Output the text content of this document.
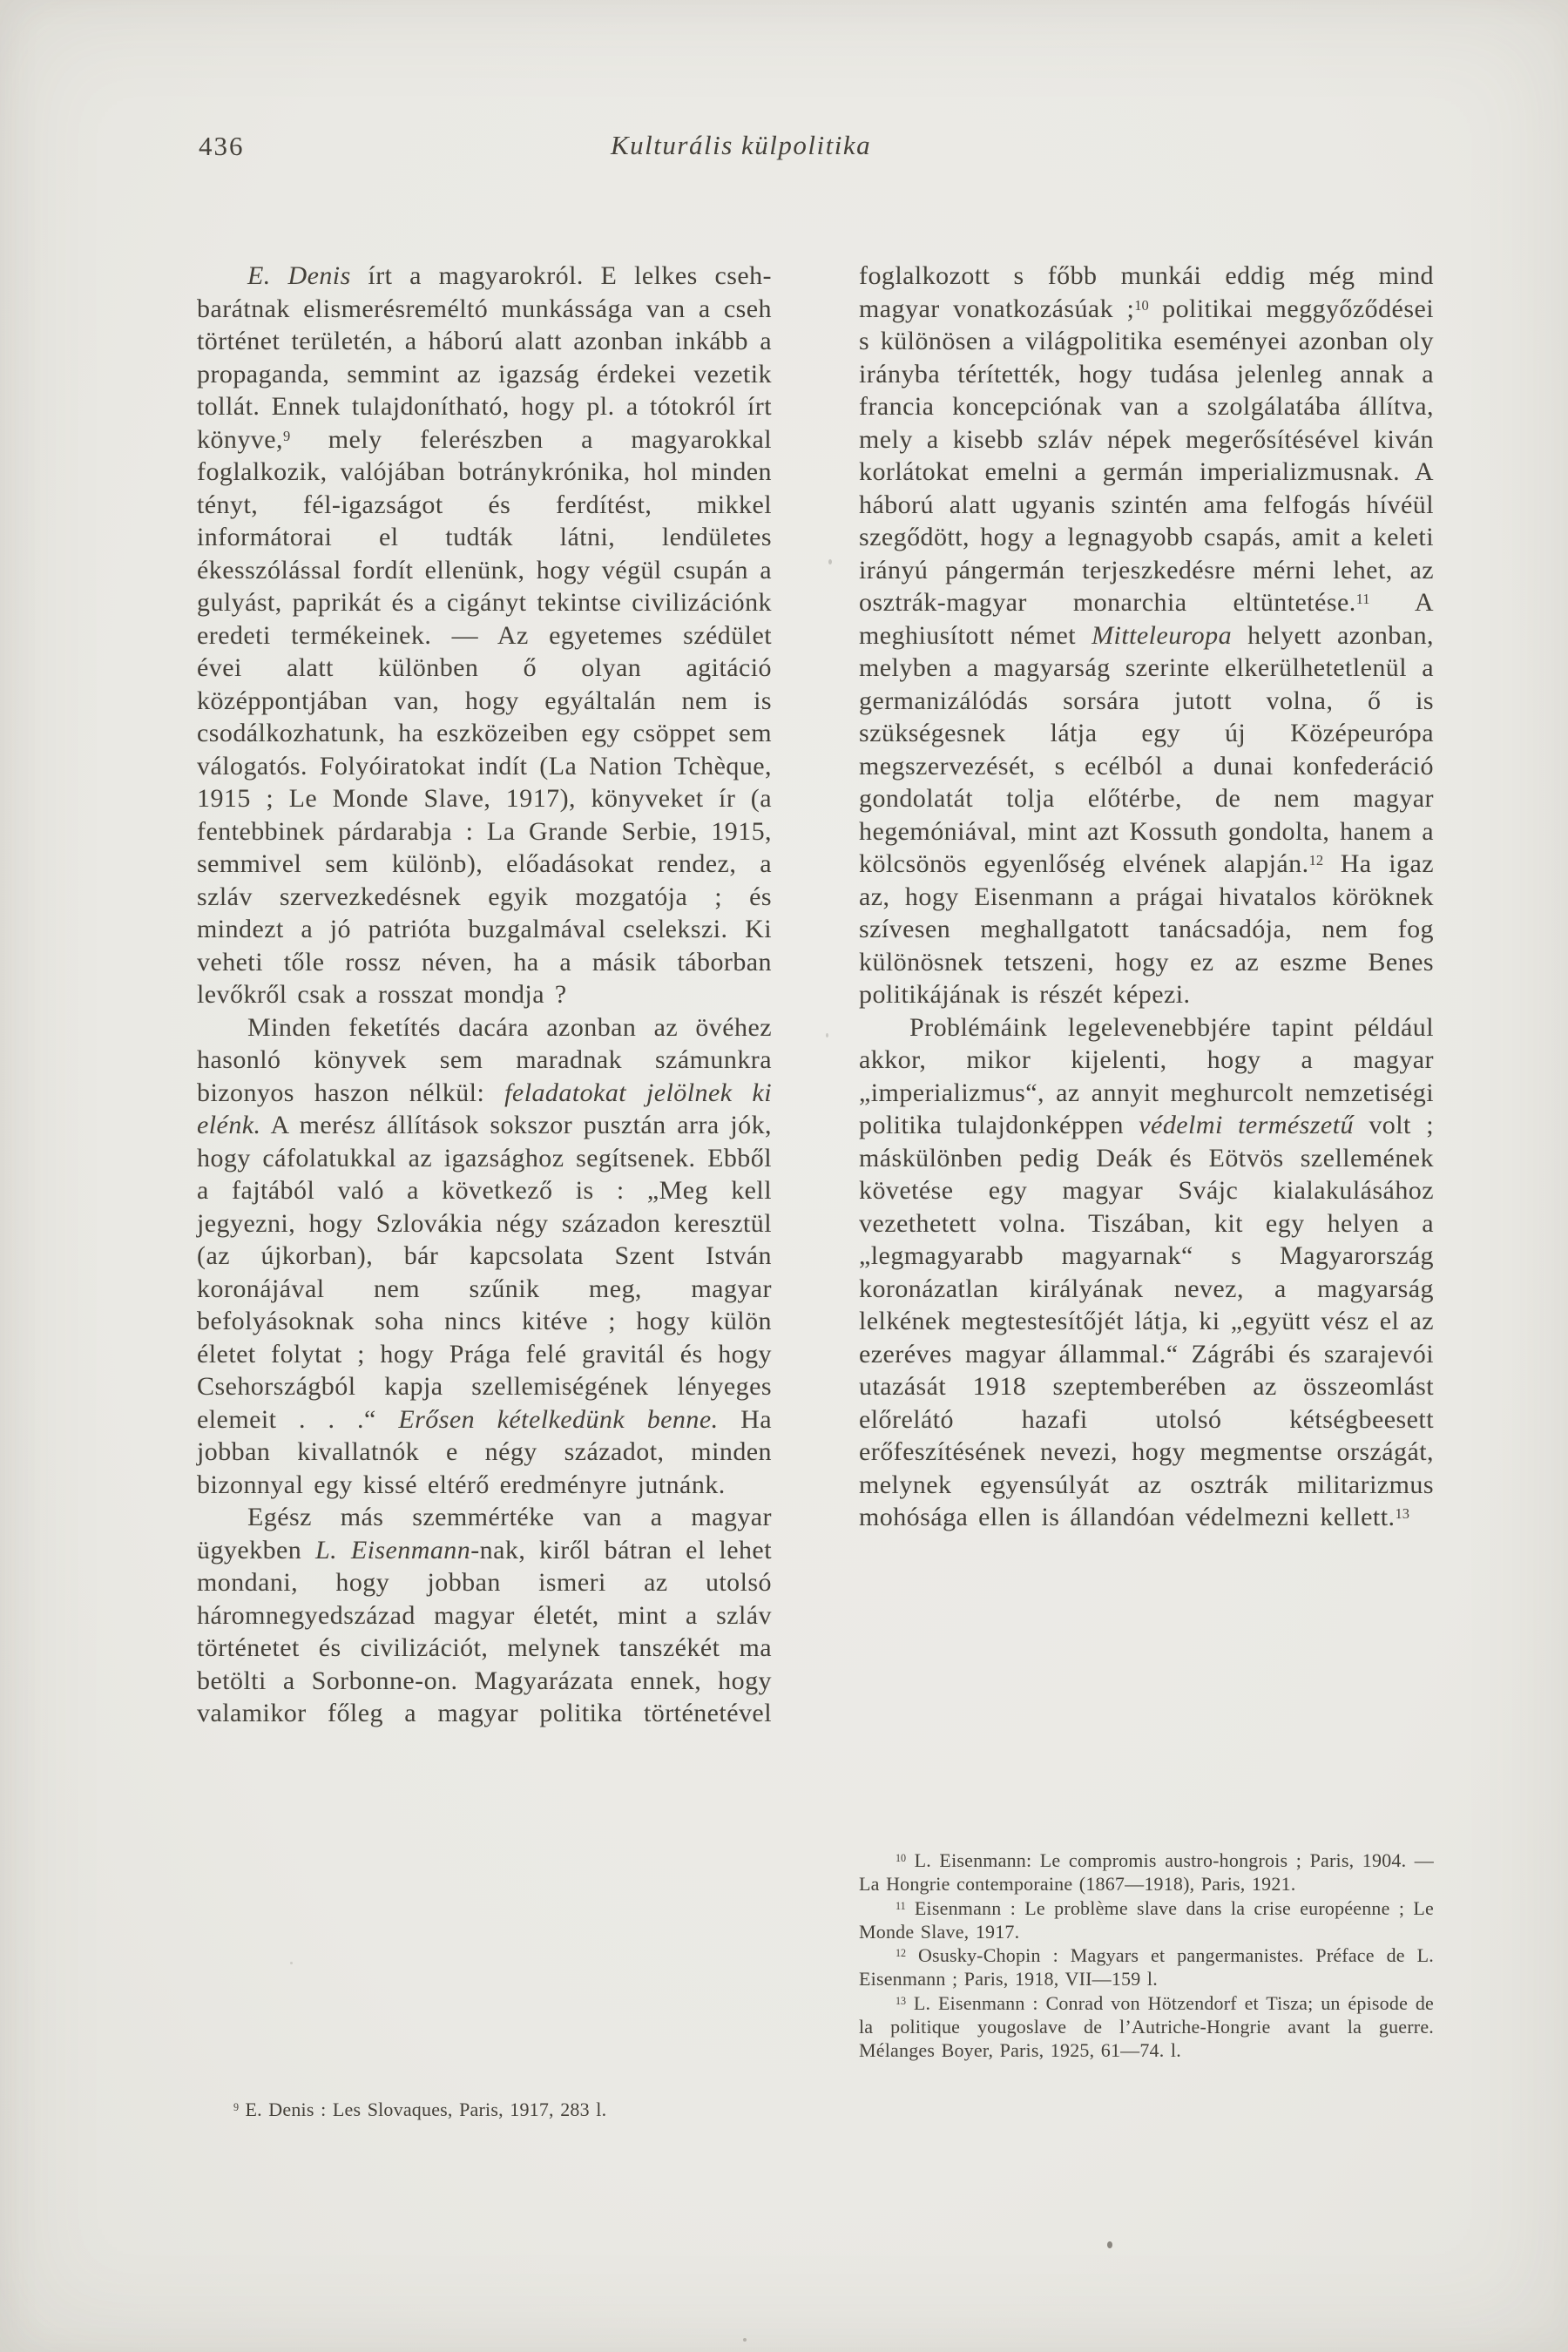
436	Kulturális külpolitika

E. Denis írt a magyarokról. E lelkes cseh-barátnak elismerésreméltó munkássága van a cseh történet területén, a háború alatt azonban inkább a propaganda, semmint az igazság érdekei vezetik tollát. Ennek tulajdonítható, hogy pl. a tótokról írt könyve,$^9$ mely felerészben a magyarokkal foglalkozik, valójában botránykrónika, hol minden tényt, fél-igazságot és ferdítést, mikkel informátorai el tudták látni, lendületes ékesszólással fordít ellenünk, hogy végül csupán a gulyást, paprikát és a cigányt tekintse civilizációnk eredeti termékeinek. — Az egyetemes szédület évei alatt különben ő olyan agitáció középpontjában van, hogy egyáltalán nem is csodálkozhatunk, ha eszközeiben egy csöppet sem válogatós. Folyóiratokat indít (La Nation Tchèque, 1915 ; Le Monde Slave, 1917), könyveket ír (a fentebbinek párdarabja : La Grande Serbie, 1915, semmivel sem különb), előadásokat rendez, a szláv szervezkedésnek egyik mozgatója ; és mindezt a jó patrióta buzgalmával cselekszi. Ki veheti tőle rossz néven, ha a másik táborban levőkről csak a rosszat mondja ?

Minden feketítés dacára azonban az övéhez hasonló könyvek sem maradnak számunkra bizonyos haszon nélkül: feladatokat jelölnek ki elénk. A merész állítások sokszor pusztán arra jók, hogy cáfolatukkal az igazsághoz segítsenek. Ebből a fajtából való a következő is : „Meg kell jegyezni, hogy Szlovákia négy századon keresztül (az újkorban), bár kapcsolata Szent István koronájával nem szűnik meg, magyar befolyásoknak soha nincs kitéve ; hogy külön életet folytat ; hogy Prága felé gravitál és hogy Csehországból kapja szellemiségének lényeges elemeit . . .“ Erősen kételkedünk benne. Ha jobban kivallatnók e négy századot, minden bizonnyal egy kissé eltérő eredményre jutnánk.

Egész más szemmértéke van a magyar ügyekben L. Eisenmann-nak, kiről bátran el lehet mondani, hogy jobban ismeri az utolsó háromnegyedszázad magyar életét, mint a szláv történetet és civilizációt, melynek tanszékét ma betölti a Sorbonne-on. Magyarázata ennek, hogy valamikor főleg a magyar politika történetével

foglalkozott s főbb munkái eddig még mind magyar vonatkozásúak ;$^{10}$ politikai meggyőződései s különösen a világpolitika eseményei azonban oly irányba térítették, hogy tudása jelenleg annak a francia koncepciónak van a szolgálatába állítva, mely a kisebb szláv népek megerősítésével kiván korlátokat emelni a germán imperializmusnak. A háború alatt ugyanis szintén ama felfogás hívéül szegődött, hogy a legnagyobb csapás, amit a keleti irányú pángermán terjeszkedésre mérni lehet, az osztrák-magyar monarchia eltüntetése.$^{11}$ A meghiusított német Mitteleuropa helyett azonban, melyben a magyarság szerinte elkerülhetetlenül a germanizálódás sorsára jutott volna, ő is szükségesnek látja egy új Középeurópa megszervezését, s ecélból a dunai konfederáció gondolatát tolja előtérbe, de nem magyar hegemóniával, mint azt Kossuth gondolta, hanem a kölcsönös egyenlőség elvének alapján.$^{12}$ Ha igaz az, hogy Eisenmann a prágai hivatalos köröknek szívesen meghallgatott tanácsadója, nem fog különösnek tetszeni, hogy ez az eszme Benes politikájának is részét képezi.

Problémáink legelevenebbjére tapint például akkor, mikor kijelenti, hogy a magyar „imperializmus“, az annyit meghurcolt nemzetiségi politika tulajdonképpen védelmi természetű volt ; máskülönben pedig Deák és Eötvös szellemének követése egy magyar Svájc kialakulásához vezethetett volna. Tiszában, kit egy helyen a „legmagyarabb magyarnak“ s Magyarország koronázatlan királyának nevez, a magyarság lelkének megtestesítőjét látja, ki „együtt vész el az ezeréves magyar állammal.“ Zágrábi és szarajevói utazását 1918 szeptemberében az összeomlást előrelátó hazafi utolsó kétségbeesett erőfeszítésének nevezi, hogy megmentse országát, melynek egyensúlyát az osztrák militarizmus mohósága ellen is állandóan védelmezni kellett.$^{13}$

$^9$ E. Denis : Les Slovaques, Paris, 1917, 283 l.

$^{10}$ L. Eisenmann: Le compromis austro-hongrois ; Paris, 1904. — La Hongrie contemporaine (1867—1918), Paris, 1921.

$^{11}$ Eisenmann : Le problème slave dans la crise européenne ; Le Monde Slave, 1917.

$^{12}$ Osusky-Chopin : Magyars et pangermanistes. Préface de L. Eisenmann ; Paris, 1918, VII—159 l.

$^{13}$ L. Eisenmann : Conrad von Hötzendorf et Tisza; un épisode de la politique yougoslave de l’Autriche-Hongrie avant la guerre. Mélanges Boyer, Paris, 1925, 61—74. l.
